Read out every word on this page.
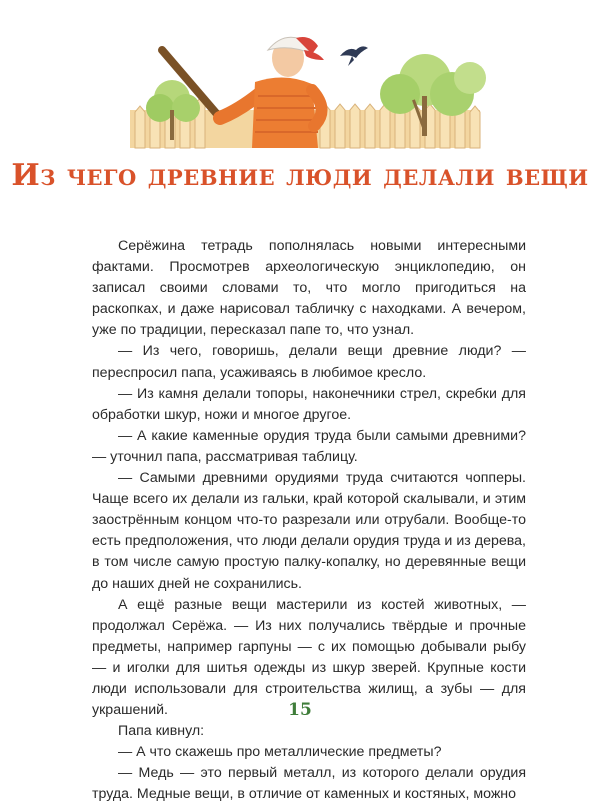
Из чего древние люди делали вещи

Серёжина тетрадь пополнялась новыми интересными фактами. Просмотрев археологическую энциклопедию, он записал своими словами то, что могло пригодиться на раскопках, и даже нарисовал табличку с находками. А вечером, уже по традиции, пересказал папе то, что узнал.

— Из чего, говоришь, делали вещи древние люди? — переспросил папа, усаживаясь в любимое кресло.

— Из камня делали топоры, наконечники стрел, скребки для обработки шкур, ножи и многое другое.

— А какие каменные орудия труда были самыми древними? — уточнил папа, рассматривая таблицу.

— Самыми древними орудиями труда считаются чопперы. Чаще всего их делали из гальки, край которой скалывали, и этим заострённым концом что-то разрезали или отрубали. Вообще-то есть предположения, что люди делали орудия труда и из дерева, в том числе самую простую палку-копалку, но деревянные вещи до наших дней не сохранились.

А ещё разные вещи мастерили из костей животных, — продолжал Серёжа. — Из них получались твёрдые и прочные предметы, например гарпуны — с их помощью добывали рыбу — и иголки для шитья одежды из шкур зверей. Крупные кости люди использовали для строительства жилищ, а зубы — для украшений.

Папа кивнул:

— А что скажешь про металлические предметы?

— Медь — это первый металл, из которого делали орудия труда. Медные вещи, в отличие от каменных и костяных, можно

15
